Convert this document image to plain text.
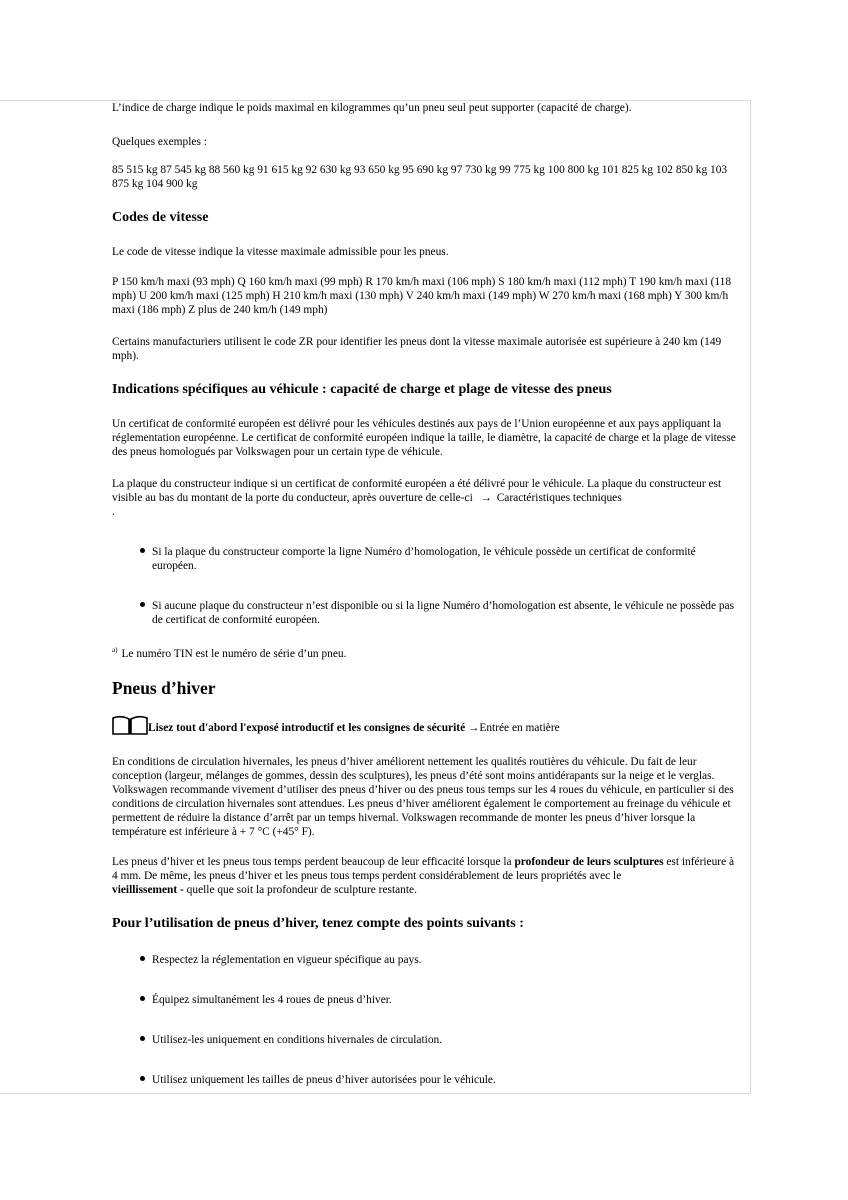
L’indice de charge indique le poids maximal en kilogrammes qu’un pneu seul peut supporter (capacité de charge).

Quelques exemples :

85 515 kg 87 545 kg 88 560 kg 91 615 kg 92 630 kg 93 650 kg 95 690 kg 97 730 kg 99 775 kg 100 800 kg 101 825 kg 102 850 kg 103 875 kg 104 900 kg

Codes de vitesse

Le code de vitesse indique la vitesse maximale admissible pour les pneus.

P 150 km/h maxi (93 mph) Q 160 km/h maxi (99 mph) R 170 km/h maxi (106 mph) S 180 km/h maxi (112 mph) T 190 km/h maxi (118 mph) U 200 km/h maxi (125 mph) H 210 km/h maxi (130 mph) V 240 km/h maxi (149 mph) W 270 km/h maxi (168 mph) Y 300 km/h maxi (186 mph) Z plus de 240 km/h (149 mph)

Certains manufacturiers utilisent le code ZR pour identifier les pneus dont la vitesse maximale autorisée est supérieure à 240 km (149 mph).

Indications spécifiques au véhicule : capacité de charge et plage de vitesse des pneus

Un certificat de conformité européen est délivré pour les véhicules destinés aux pays de l’Union européenne et aux pays appliquant la réglementation européenne. Le certificat de conformité européen indique la taille, le diamètre, la capacité de charge et la plage de vitesse des pneus homologués par Volkswagen pour un certain type de véhicule.

La plaque du constructeur indique si un certificat de conformité européen a été délivré pour le véhicule. La plaque du constructeur est visible au bas du montant de la porte du conducteur, après ouverture de celle-ci → Caractéristiques techniques
.

Si la plaque du constructeur comporte la ligne Numéro d’homologation, le véhicule possède un certificat de conformité européen.
Si aucune plaque du constructeur n’est disponible ou si la ligne Numéro d’homologation est absente, le véhicule ne possède pas de certificat de conformité européen.

$^{a)}$ Le numéro TIN est le numéro de série d’un pneu.

Pneus d’hiver

Lisez tout d'abord l'exposé introductif et les consignes de sécurité →Entrée en matière

En conditions de circulation hivernales, les pneus d’hiver améliorent nettement les qualités routières du véhicule. Du fait de leur conception (largeur, mélanges de gommes, dessin des sculptures), les pneus d’été sont moins antidérapants sur la neige et le verglas. Volkswagen recommande vivement d’utiliser des pneus d’hiver ou des pneus tous temps sur les 4 roues du véhicule, en particulier si des conditions de circulation hivernales sont attendues. Les pneus d’hiver améliorent également le comportement au freinage du véhicule et permettent de réduire la distance d’arrêt par un temps hivernal. Volkswagen recommande de monter les pneus d’hiver lorsque la température est inférieure à + 7 °C (+45° F).

Les pneus d’hiver et les pneus tous temps perdent beaucoup de leur efficacité lorsque la profondeur de leurs sculptures est inférieure à 4 mm. De même, les pneus d’hiver et les pneus tous temps perdent considérablement de leurs propriétés avec le
vieillissement - quelle que soit la profondeur de sculpture restante.

Pour l’utilisation de pneus d’hiver, tenez compte des points suivants :
Respectez la réglementation en vigueur spécifique au pays.
Équipez simultanément les 4 roues de pneus d’hiver.
Utilisez-les uniquement en conditions hivernales de circulation.
Utilisez uniquement les tailles de pneus d’hiver autorisées pour le véhicule.
